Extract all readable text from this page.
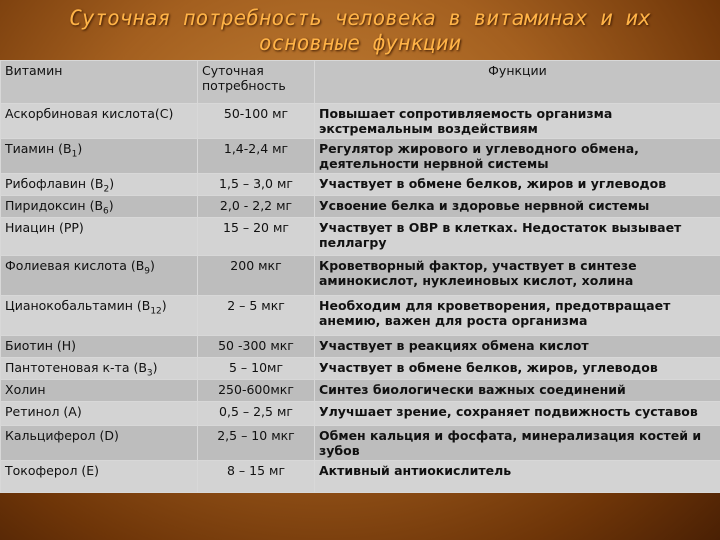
Суточная потребность человека в витаминах и их
основные функции
Витамин	Суточная потребность	Функции
Аскорбиновая кислота(С)	50-100 мг	Повышает сопротивляемость организма экстремальным воздействиям
Тиамин $(В_1)$	1,4-2,4 мг	Регулятор жирового и углеводного обмена, деятельности нервной системы
Рибофлавин $(В_2)$	1,5 – 3,0 мг	Участвует в обмене белков, жиров и углеводов
Пиридоксин $(В_6)$	2,0 - 2,2 мг	Усвоение белка и здоровье нервной системы
Ниацин (РР)	15 – 20 мг	Участвует в ОВР в клетках. Недостаток вызывает пеллагру
Фолиевая кислота $(В_9)$	200 мкг	Кроветворный фактор, участвует в синтезе аминокислот, нуклеиновых кислот, холина
Цианокобальтамин $(В_{12})$	2 – 5 мкг	Необходим для кроветворения, предотвращает анемию, важен для роста организма
Биотин (Н)	50 -300 мкг	Участвует в реакциях обмена кислот
Пантотеновая к-та $(В_3)$	5 – 10мг	Участвует в обмене белков, жиров, углеводов
Холин	250-600мкг	Синтез биологически важных соединений
Ретинол (А)	0,5 – 2,5 мг	Улучшает зрение, сохраняет подвижность суставов
Кальциферол (D)	2,5 – 10 мкг	Обмен кальция и фосфата, минерализация костей и зубов
Токоферол (Е)	8 – 15 мг	Активный антиокислитель
